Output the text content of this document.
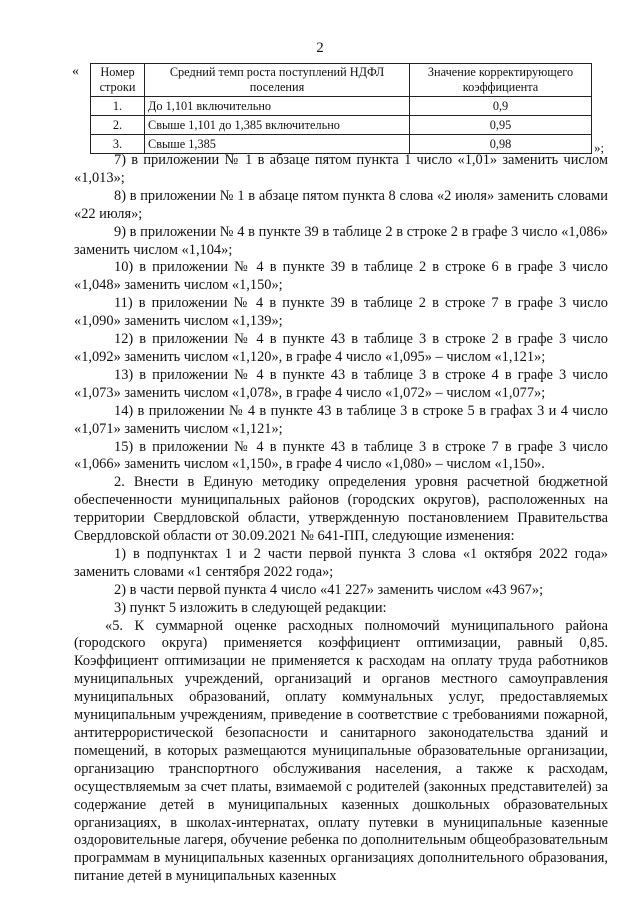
2
« Номер строки	Средний темп роста поступлений НДФЛ поселения	Значение корректирующего коэффициента
1.	До 1,101 включительно	0,9
2.	Свыше 1,101 до 1,385 включительно	0,95
3.	Свыше 1,385	0,98	»;

7) в приложении № 1 в абзаце пятом пункта 1 число «1,01» заменить числом «1,013»;

8) в приложении № 1 в абзаце пятом пункта 8 слова «2 июля» заменить словами «22 июля»;

9) в приложении № 4 в пункте 39 в таблице 2 в строке 2 в графе 3 число «1,086» заменить числом «1,104»;

10) в приложении № 4 в пункте 39 в таблице 2 в строке 6 в графе 3 число «1,048» заменить числом «1,150»;

11) в приложении № 4 в пункте 39 в таблице 2 в строке 7 в графе 3 число «1,090» заменить числом «1,139»;

12) в приложении № 4 в пункте 43 в таблице 3 в строке 2 в графе 3 число «1,092» заменить числом «1,120», в графе 4 число «1,095» – числом «1,121»;

13) в приложении № 4 в пункте 43 в таблице 3 в строке 4 в графе 3 число «1,073» заменить числом «1,078», в графе 4 число «1,072» – числом «1,077»;

14) в приложении № 4 в пункте 43 в таблице 3 в строке 5 в графах 3 и 4 число «1,071» заменить числом «1,121»;

15) в приложении № 4 в пункте 43 в таблице 3 в строке 7 в графе 3 число «1,066» заменить числом «1,150», в графе 4 число «1,080» – числом «1,150».

2. Внести в Единую методику определения уровня расчетной бюджетной обеспеченности муниципальных районов (городских округов), расположенных на территории Свердловской области, утвержденную постановлением Правительства Свердловской области от 30.09.2021 № 641-ПП, следующие изменения:

1) в подпунктах 1 и 2 части первой пункта 3 слова «1 октября 2022 года» заменить словами «1 сентября 2022 года»;

2) в части первой пункта 4 число «41 227» заменить числом «43 967»;

3) пункт 5 изложить в следующей редакции:

«5. К суммарной оценке расходных полномочий муниципального района (городского округа) применяется коэффициент оптимизации, равный 0,85. Коэффициент оптимизации не применяется к расходам на оплату труда работников муниципальных учреждений, организаций и органов местного самоуправления муниципальных образований, оплату коммунальных услуг, предоставляемых муниципальным учреждениям, приведение в соответствие с требованиями пожарной, антитеррористической безопасности и санитарного законодательства зданий и помещений, в которых размещаются муниципальные образовательные организации, организацию транспортного обслуживания населения, а также к расходам, осуществляемым за счет платы, взимаемой с родителей (законных представителей) за содержание детей в муниципальных казенных дошкольных образовательных организациях, в школах-интернатах, оплату путевки в муниципальные казенные оздоровительные лагеря, обучение ребенка по дополнительным общеобразовательным программам в муниципальных казенных организациях дополнительного образования, питание детей в муниципальных казенных
